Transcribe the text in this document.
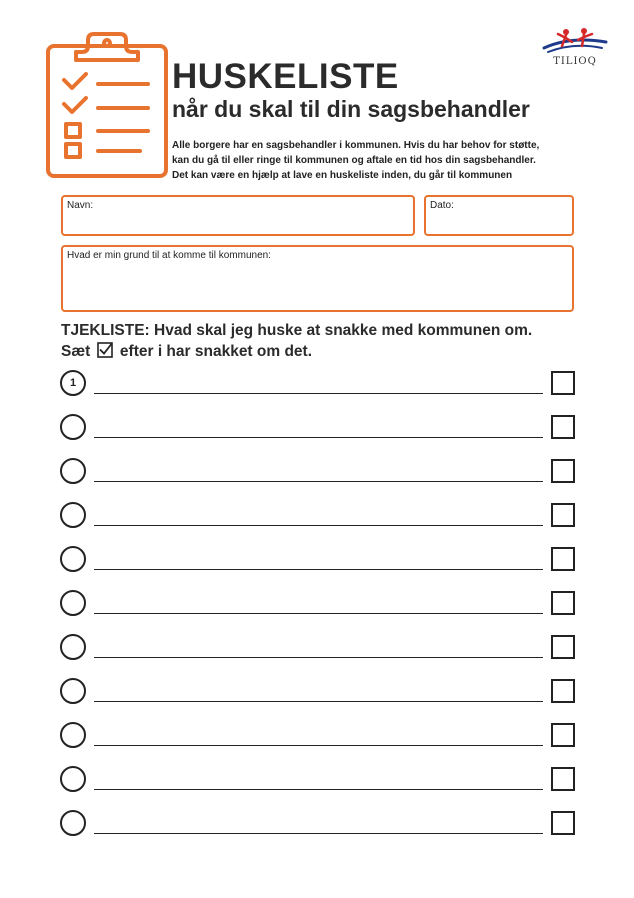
TILIOQ
HUSKELISTE
når du skal til din sagsbehandler
Alle borgere har en sagsbehandler i kommunen. Hvis du har behov for støtte,
kan du gå til eller ringe til kommunen og aftale en tid hos din sagsbehandler.
Det kan være en hjælp at lave en huskeliste inden, du går til kommunen
Navn:	Dato:
Hvad er min grund til at komme til kommunen:
TJEKLISTE: Hvad skal jeg huske at snakke med kommunen om.
Sæt efter i har snakket om det.
1
